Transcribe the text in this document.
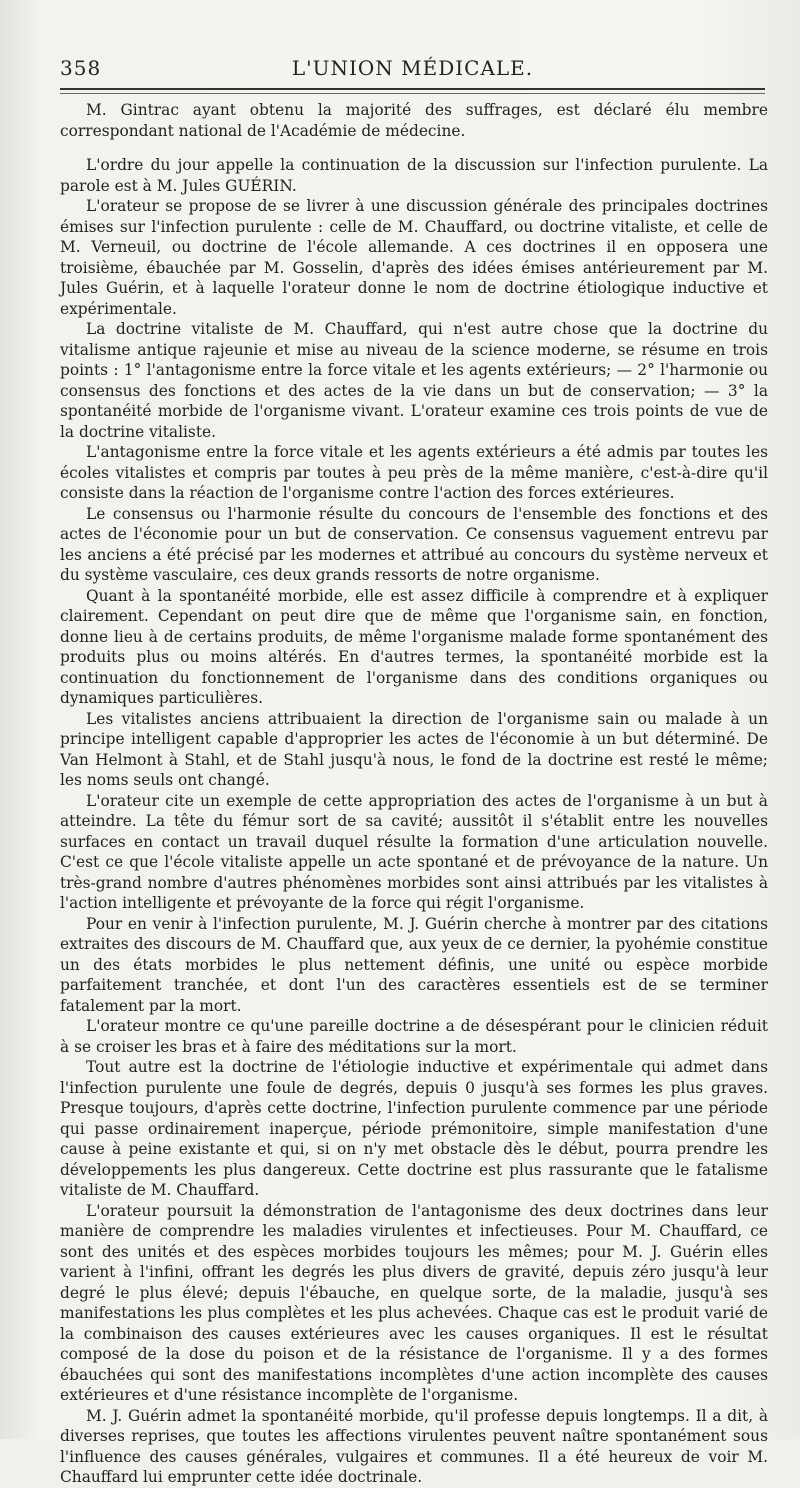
358	L'UNION MÉDICALE.

M. Gintrac ayant obtenu la majorité des suffrages, est déclaré élu membre correspondant national de l'Académie de médecine.

L'ordre du jour appelle la continuation de la discussion sur l'infection purulente. La parole est à M. Jules GUÉRIN.

L'orateur se propose de se livrer à une discussion générale des principales doctrines émises sur l'infection purulente : celle de M. Chauffard, ou doctrine vitaliste, et celle de M. Verneuil, ou doctrine de l'école allemande. A ces doctrines il en opposera une troisième, ébauchée par M. Gosselin, d'après des idées émises antérieurement par M. Jules Guérin, et à laquelle l'orateur donne le nom de doctrine étiologique inductive et expérimentale.

La doctrine vitaliste de M. Chauffard, qui n'est autre chose que la doctrine du vitalisme antique rajeunie et mise au niveau de la science moderne, se résume en trois points : 1° l'antagonisme entre la force vitale et les agents extérieurs; — 2° l'harmonie ou consensus des fonctions et des actes de la vie dans un but de conservation; — 3° la spontanéité morbide de l'organisme vivant. L'orateur examine ces trois points de vue de la doctrine vitaliste.

L'antagonisme entre la force vitale et les agents extérieurs a été admis par toutes les écoles vitalistes et compris par toutes à peu près de la même manière, c'est-à-dire qu'il consiste dans la réaction de l'organisme contre l'action des forces extérieures.

Le consensus ou l'harmonie résulte du concours de l'ensemble des fonctions et des actes de l'économie pour un but de conservation. Ce consensus vaguement entrevu par les anciens a été précisé par les modernes et attribué au concours du système nerveux et du système vasculaire, ces deux grands ressorts de notre organisme.

Quant à la spontanéité morbide, elle est assez difficile à comprendre et à expliquer clairement. Cependant on peut dire que de même que l'organisme sain, en fonction, donne lieu à de certains produits, de même l'organisme malade forme spontanément des produits plus ou moins altérés. En d'autres termes, la spontanéité morbide est la continuation du fonctionnement de l'organisme dans des conditions organiques ou dynamiques particulières.

Les vitalistes anciens attribuaient la direction de l'organisme sain ou malade à un principe intelligent capable d'approprier les actes de l'économie à un but déterminé. De Van Helmont à Stahl, et de Stahl jusqu'à nous, le fond de la doctrine est resté le même; les noms seuls ont changé.

L'orateur cite un exemple de cette appropriation des actes de l'organisme à un but à atteindre. La tête du fémur sort de sa cavité; aussitôt il s'établit entre les nouvelles surfaces en contact un travail duquel résulte la formation d'une articulation nouvelle. C'est ce que l'école vitaliste appelle un acte spontané et de prévoyance de la nature. Un très-grand nombre d'autres phénomènes morbides sont ainsi attribués par les vitalistes à l'action intelligente et prévoyante de la force qui régit l'organisme.

Pour en venir à l'infection purulente, M. J. Guérin cherche à montrer par des citations extraites des discours de M. Chauffard que, aux yeux de ce dernier, la pyohémie constitue un des états morbides le plus nettement définis, une unité ou espèce morbide parfaitement tranchée, et dont l'un des caractères essentiels est de se terminer fatalement par la mort.

L'orateur montre ce qu'une pareille doctrine a de désespérant pour le clinicien réduit à se croiser les bras et à faire des méditations sur la mort.

Tout autre est la doctrine de l'étiologie inductive et expérimentale qui admet dans l'infection purulente une foule de degrés, depuis 0 jusqu'à ses formes les plus graves. Presque toujours, d'après cette doctrine, l'infection purulente commence par une période qui passe ordinairement inaperçue, période prémonitoire, simple manifestation d'une cause à peine existante et qui, si on n'y met obstacle dès le début, pourra prendre les développements les plus dangereux. Cette doctrine est plus rassurante que le fatalisme vitaliste de M. Chauffard.

L'orateur poursuit la démonstration de l'antagonisme des deux doctrines dans leur manière de comprendre les maladies virulentes et infectieuses. Pour M. Chauffard, ce sont des unités et des espèces morbides toujours les mêmes; pour M. J. Guérin elles varient à l'infini, offrant les degrés les plus divers de gravité, depuis zéro jusqu'à leur degré le plus élevé; depuis l'ébauche, en quelque sorte, de la maladie, jusqu'à ses manifestations les plus complètes et les plus achevées. Chaque cas est le produit varié de la combinaison des causes extérieures avec les causes organiques. Il est le résultat composé de la dose du poison et de la résistance de l'organisme. Il y a des formes ébauchées qui sont des manifestations incomplètes d'une action incomplète des causes extérieures et d'une résistance incomplète de l'organisme.

M. J. Guérin admet la spontanéité morbide, qu'il professe depuis longtemps. Il a dit, à diverses reprises, que toutes les affections virulentes peuvent naître spontanément sous l'influence des causes générales, vulgaires et communes. Il a été heureux de voir M. Chauffard lui emprunter cette idée doctrinale.
